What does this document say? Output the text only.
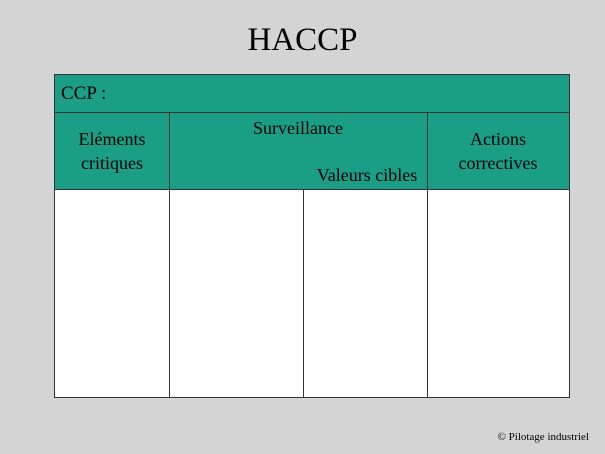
HACCP
CCP :
Eléments
critiques
Surveillance
Valeurs cibles
Actions
correctives
© Pilotage industriel
